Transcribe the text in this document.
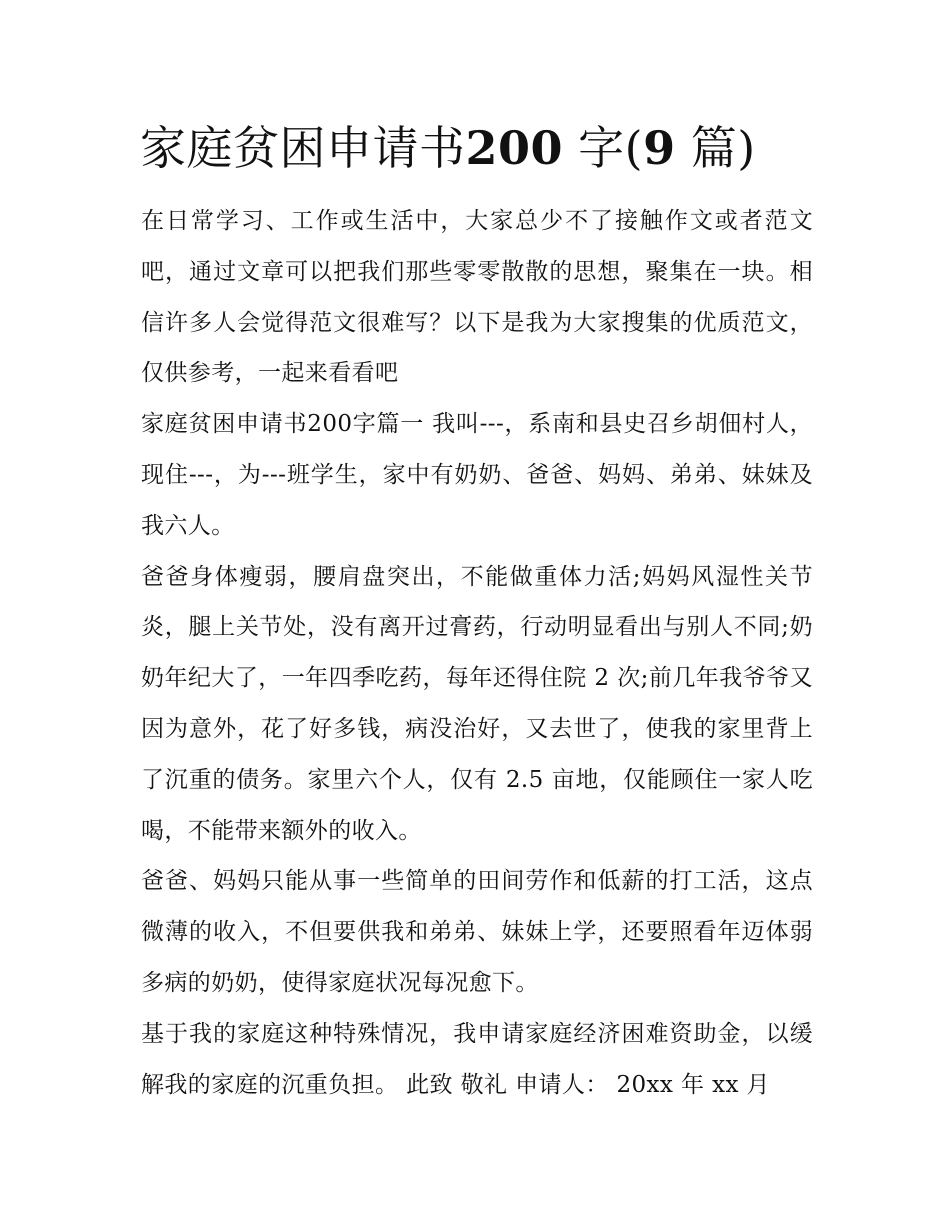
家庭贫困申请书200 字(9 篇)

在日常学习、工作或生活中，大家总少不了接触作文或者范文吧，通过文章可以把我们那些零零散散的思想，聚集在一块。相信许多人会觉得范文很难写？以下是我为大家搜集的优质范文，仅供参考，一起来看看吧

家庭贫困申请书200字篇一 我叫---，系南和县史召乡胡佃村人，现住---，为---班学生，家中有奶奶、爸爸、妈妈、弟弟、妹妹及我六人。

爸爸身体瘦弱，腰肩盘突出，不能做重体力活;妈妈风湿性关节炎，腿上关节处，没有离开过膏药，行动明显看出与别人不同;奶奶年纪大了，一年四季吃药，每年还得住院 2 次;前几年我爷爷又因为意外，花了好多钱，病没治好，又去世了，使我的家里背上了沉重的债务。家里六个人，仅有 2.5 亩地，仅能顾住一家人吃喝，不能带来额外的收入。

爸爸、妈妈只能从事一些简单的田间劳作和低薪的打工活，这点微薄的收入，不但要供我和弟弟、妹妹上学，还要照看年迈体弱多病的奶奶，使得家庭状况每况愈下。

基于我的家庭这种特殊情况，我申请家庭经济困难资助金，以缓解我的家庭的沉重负担。 此致 敬礼 申请人： 20xx 年 xx 月
